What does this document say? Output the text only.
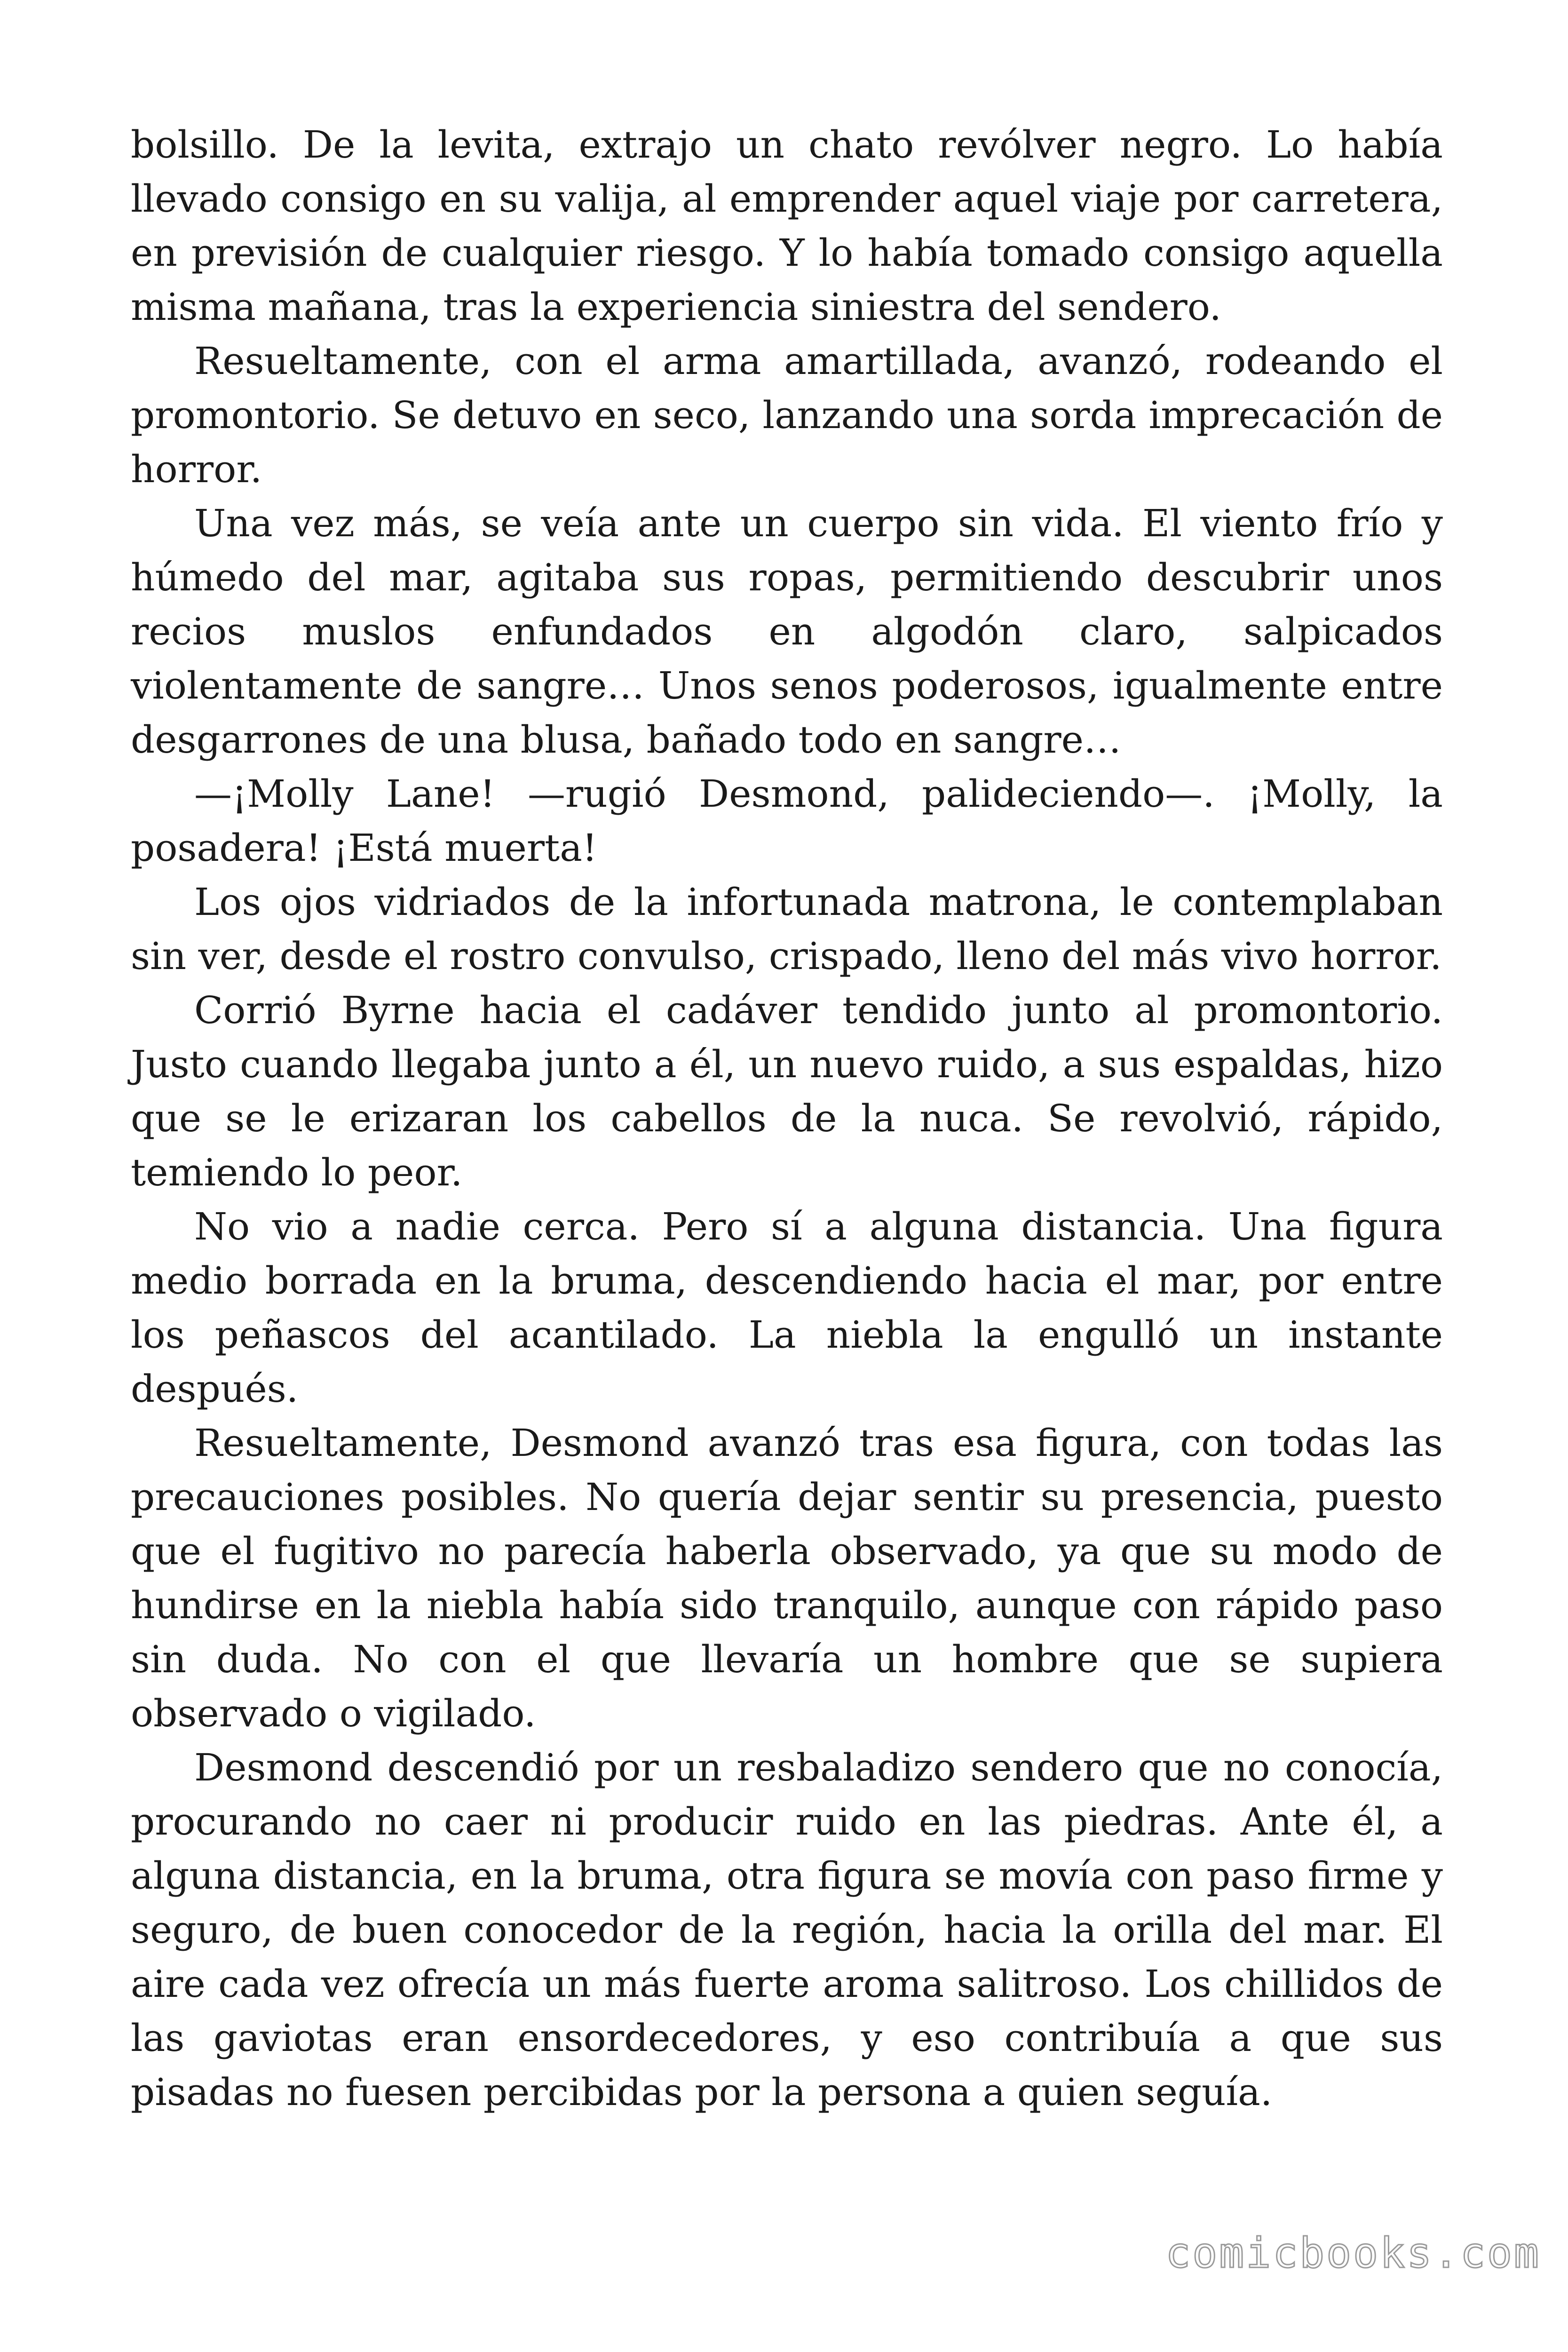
bolsillo. De la levita, extrajo un chato revólver negro. Lo había llevado consigo en su valija, al emprender aquel viaje por carretera, en previsión de cualquier riesgo. Y lo había tomado consigo aquella misma mañana, tras la experiencia siniestra del sendero.

Resueltamente, con el arma amartillada, avanzó, rodeando el promontorio. Se detuvo en seco, lanzando una sorda imprecación de horror.

Una vez más, se veía ante un cuerpo sin vida. El viento frío y húmedo del mar, agitaba sus ropas, permitiendo descubrir unos recios muslos enfundados en algodón claro, salpicados violentamente de sangre… Unos senos poderosos, igualmente entre desgarrones de una blusa, bañado todo en sangre…

—¡Molly Lane! —rugió Desmond, palideciendo—. ¡Molly, la posadera! ¡Está muerta!

Los ojos vidriados de la infortunada matrona, le contemplaban sin ver, desde el rostro convulso, crispado, lleno del más vivo horror.

Corrió Byrne hacia el cadáver tendido junto al promontorio. Justo cuando llegaba junto a él, un nuevo ruido, a sus espaldas, hizo que se le erizaran los cabellos de la nuca. Se revolvió, rápido, temiendo lo peor.

No vio a nadie cerca. Pero sí a alguna distancia. Una figura medio borrada en la bruma, descendiendo hacia el mar, por entre los peñascos del acantilado. La niebla la engulló un instante después.

Resueltamente, Desmond avanzó tras esa figura, con todas las precauciones posibles. No quería dejar sentir su presencia, puesto que el fugitivo no parecía haberla observado, ya que su modo de hundirse en la niebla había sido tranquilo, aunque con rápido paso sin duda. No con el que llevaría un hombre que se supiera observado o vigilado.

Desmond descendió por un resbaladizo sendero que no conocía, procurando no caer ni producir ruido en las piedras. Ante él, a alguna distancia, en la bruma, otra figura se movía con paso firme y seguro, de buen conocedor de la región, hacia la orilla del mar. El aire cada vez ofrecía un más fuerte aroma salitroso. Los chillidos de las gaviotas eran ensordecedores, y eso contribuía a que sus pisadas no fuesen percibidas por la persona a quien seguía.

comicbooks.com
